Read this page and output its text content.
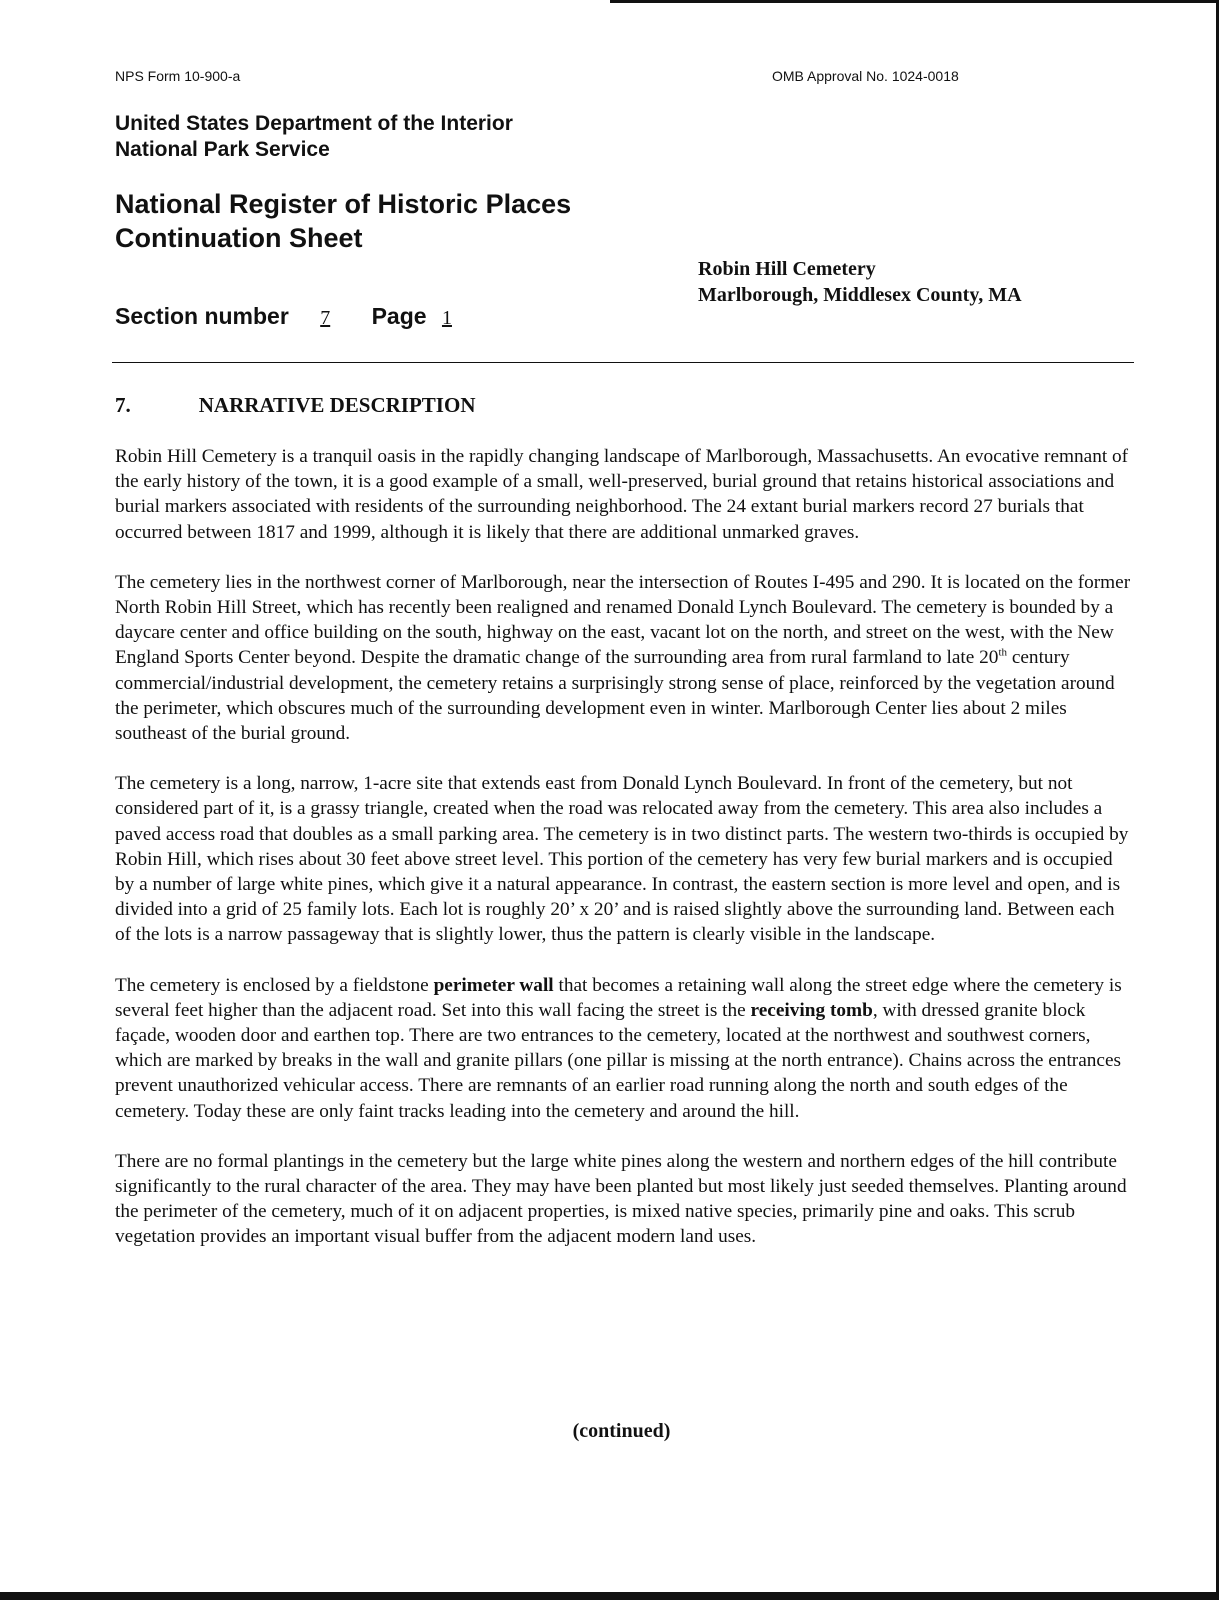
NPS Form 10-900-a	OMB Approval No. 1024-0018
United States Department of the Interior
National Park Service
National Register of Historic Places
Continuation Sheet
Robin Hill Cemetery
Marlborough, Middlesex County, MA
Section number 7 Page 1
7.	NARRATIVE DESCRIPTION

Robin Hill Cemetery is a tranquil oasis in the rapidly changing landscape of Marlborough, Massachusetts. An evocative remnant of the early history of the town, it is a good example of a small, well-preserved, burial ground that retains historical associations and burial markers associated with residents of the surrounding neighborhood. The 24 extant burial markers record 27 burials that occurred between 1817 and 1999, although it is likely that there are additional unmarked graves.

The cemetery lies in the northwest corner of Marlborough, near the intersection of Routes I-495 and 290. It is located on the former North Robin Hill Street, which has recently been realigned and renamed Donald Lynch Boulevard. The cemetery is bounded by a daycare center and office building on the south, highway on the east, vacant lot on the north, and street on the west, with the New England Sports Center beyond. Despite the dramatic change of the surrounding area from rural farmland to late 20th century commercial/industrial development, the cemetery retains a surprisingly strong sense of place, reinforced by the vegetation around the perimeter, which obscures much of the surrounding development even in winter. Marlborough Center lies about 2 miles southeast of the burial ground.

The cemetery is a long, narrow, 1-acre site that extends east from Donald Lynch Boulevard. In front of the cemetery, but not considered part of it, is a grassy triangle, created when the road was relocated away from the cemetery. This area also includes a paved access road that doubles as a small parking area. The cemetery is in two distinct parts. The western two-thirds is occupied by Robin Hill, which rises about 30 feet above street level. This portion of the cemetery has very few burial markers and is occupied by a number of large white pines, which give it a natural appearance. In contrast, the eastern section is more level and open, and is divided into a grid of 25 family lots. Each lot is roughly 20’ x 20’ and is raised slightly above the surrounding land. Between each of the lots is a narrow passageway that is slightly lower, thus the pattern is clearly visible in the landscape.

The cemetery is enclosed by a fieldstone perimeter wall that becomes a retaining wall along the street edge where the cemetery is several feet higher than the adjacent road. Set into this wall facing the street is the receiving tomb, with dressed granite block façade, wooden door and earthen top. There are two entrances to the cemetery, located at the northwest and southwest corners, which are marked by breaks in the wall and granite pillars (one pillar is missing at the north entrance). Chains across the entrances prevent unauthorized vehicular access. There are remnants of an earlier road running along the north and south edges of the cemetery. Today these are only faint tracks leading into the cemetery and around the hill.

There are no formal plantings in the cemetery but the large white pines along the western and northern edges of the hill contribute significantly to the rural character of the area. They may have been planted but most likely just seeded themselves. Planting around the perimeter of the cemetery, much of it on adjacent properties, is mixed native species, primarily pine and oaks. This scrub vegetation provides an important visual buffer from the adjacent modern land uses.

(continued)
